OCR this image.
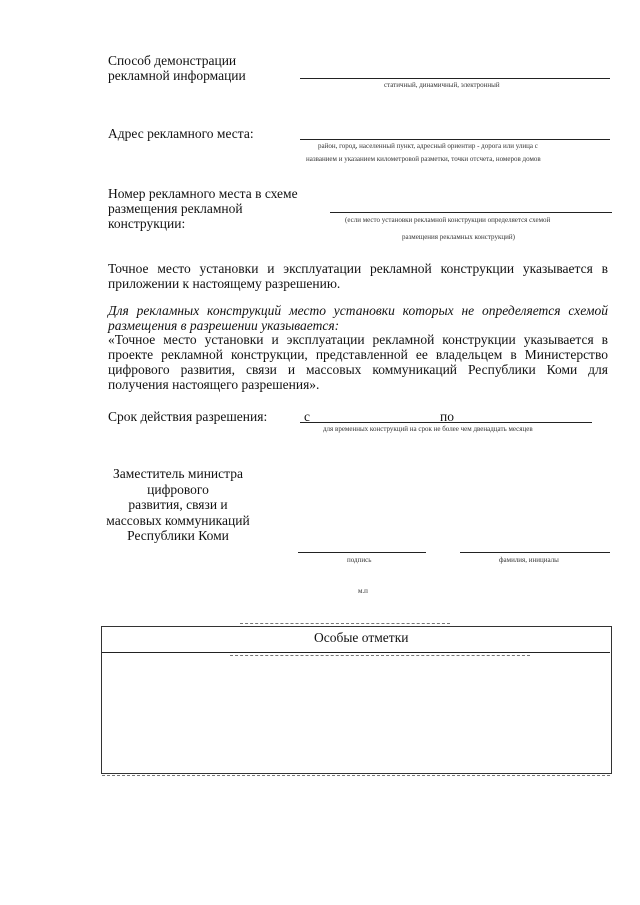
Способ демонстрации рекламной информации
статичный, динамичный, электронный
Адрес рекламного места:
район, город, населенный пункт, адресный ориентир - дорога или улица с
названием и указанием километровой разметки, точки отсчета, номеров домов
Номер рекламного места в схеме размещения рекламной конструкции:	(если место установки рекламной конструкции определяется схемой
размещения рекламных конструкций)
Точное место установки и эксплуатации рекламной конструкции указывается в приложении к настоящему разрешению.
Для рекламных конструкций место установки которых не определяется схемой размещения в разрешении указывается:
«Точное место установки и эксплуатации рекламной конструкции указывается в проекте рекламной конструкции, представленной ее владельцем в Министерство цифрового развития, связи и массовых коммуникаций Республики Коми для получения настоящего разрешения».
Срок действия разрешения:	с	по
для временных конструкций на срок не более чем двенадцать месяцев
Заместитель министра
цифрового
развития, связи и
массовых коммуникаций
Республики Коми
подпись	фамилия, инициалы
м.п
Особые отметки
